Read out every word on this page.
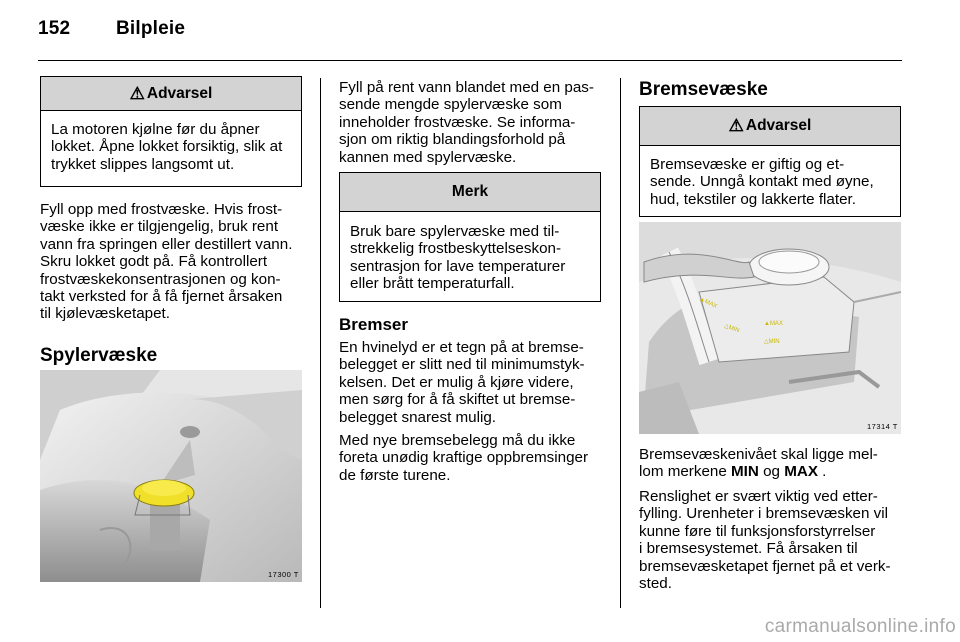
152 Bilpleie
⚠ Advarsel
La motoren kjølne før du åpner
lokket. Åpne lokket forsiktig, slik at
trykket slippes langsomt ut.
Fyll opp med frostvæske. Hvis frost-
væske ikke er tilgjengelig, bruk rent
vann fra springen eller destillert vann.
Skru lokket godt på. Få kontrollert
frostvæskekonsentrasjonen og kon-
takt verksted for å få fjernet årsaken
til kjølevæsketapet.
Spylervæske
17300 T
Fyll på rent vann blandet med en pas-
sende mengde spylervæske som
inneholder frostvæske. Se informa-
sjon om riktig blandingsforhold på
kannen med spylervæske.
Merk
Bruk bare spylervæske med til-
strekkelig frostbeskyttelseskon-
sentrasjon for lave temperaturer
eller brått temperaturfall.
Bremser
En hvinelyd er et tegn på at bremse-
belegget er slitt ned til minimumstyk-
kelsen. Det er mulig å kjøre videre,
men sørg for å få skiftet ut bremse-
belegget snarest mulig.
Med nye bremsebelegg må du ikke
foreta unødig kraftige oppbremsinger
de første turene.
Bremsevæske
⚠ Advarsel
Bremsevæske er giftig og et-
sende. Unngå kontakt med øyne,
hud, tekstiler og lakkerte flater.
▲MAX
▲MAX
△MIN
△MIN
17314 T
Bremsevæskenivået skal ligge mel-
lom merkene MIN og MAX .
Renslighet er svært viktig ved etter-
fylling. Urenheter i bremsevæsken vil
kunne føre til funksjonsforstyrrelser
i bremsesystemet. Få årsaken til
bremsevæsketapet fjernet på et verk-
sted.
carmanualsonline.info
